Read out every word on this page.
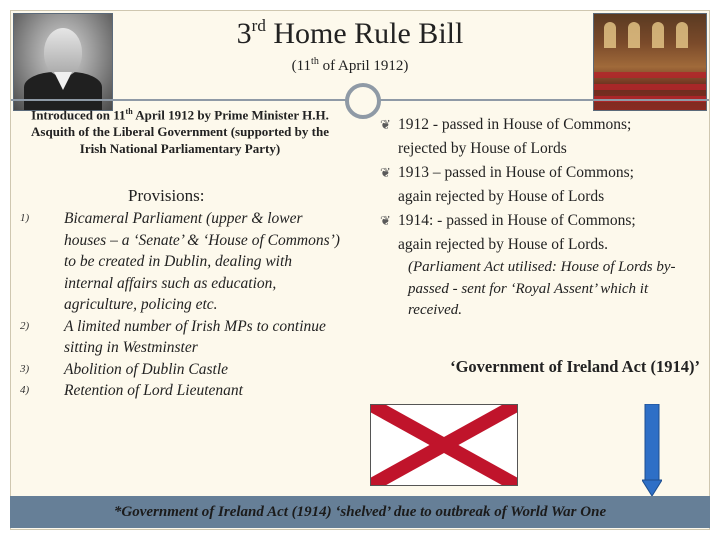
3rd Home Rule Bill
(11th of April 1912)
Introduced on 11th April 1912 by Prime Minister H.H. Asquith of the Liberal Government (supported by the Irish National Parliamentary Party)
Provisions:
1)	Bicameral Parliament (upper & lower houses – a ‘Senate’ & ‘House of Commons’) to be created in Dublin, dealing with internal affairs such as education, agriculture, policing etc.
2)	A limited number of Irish MPs to continue sitting in Westminster
3)	Abolition of Dublin Castle
4)	Retention of Lord Lieutenant
❦ 1912 - passed in House of Commons;
rejected by House of Lords
❦ 1913 – passed in House of Commons;
again rejected by House of Lords
❦ 1914: - passed in House of Commons;
again rejected by House of Lords.
(Parliament Act utilised: House of Lords by-passed - sent for ‘Royal Assent’ which it received.
‘Government of Ireland Act (1914)’
*Government of Ireland Act (1914) ‘shelved’ due to outbreak of World War One
